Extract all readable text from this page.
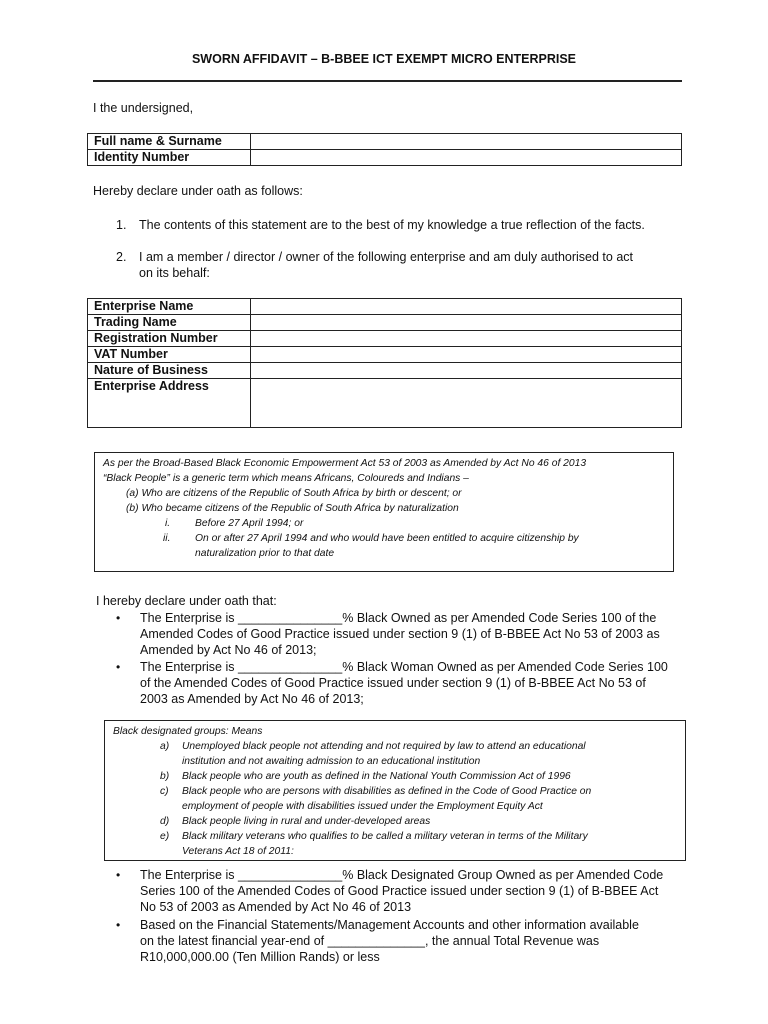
SWORN AFFIDAVIT – B-BBEE ICT EXEMPT MICRO ENTERPRISE
I the undersigned,
Full name & Surname	
Identity Number	
Hereby declare under oath as follows:
1. The contents of this statement are to the best of my knowledge a true reflection of the facts.
2. I am a member / director / owner of the following enterprise and am duly authorised to act
on its behalf:
Enterprise Name	
Trading Name	
Registration Number	
VAT Number	
Nature of Business	
Enterprise Address	
As per the Broad-Based Black Economic Empowerment Act 53 of 2003 as Amended by Act No 46 of 2013
“Black People” is a generic term which means Africans, Coloureds and Indians –
(a) Who are citizens of the Republic of South Africa by birth or descent; or
(b) Who became citizens of the Republic of South Africa by naturalization
i. Before 27 April 1994; or
ii. On or after 27 April 1994 and who would have been entitled to acquire citizenship by
naturalization prior to that date
I hereby declare under oath that:
• The Enterprise is _______________% Black Owned as per Amended Code Series 100 of the
Amended Codes of Good Practice issued under section 9 (1) of B-BBEE Act No 53 of 2003 as
Amended by Act No 46 of 2013;
• The Enterprise is _______________% Black Woman Owned as per Amended Code Series 100
of the Amended Codes of Good Practice issued under section 9 (1) of B-BBEE Act No 53 of
2003 as Amended by Act No 46 of 2013;
Black designated groups: Means
a) Unemployed black people not attending and not required by law to attend an educational
institution and not awaiting admission to an educational institution
b) Black people who are youth as defined in the National Youth Commission Act of 1996
c) Black people who are persons with disabilities as defined in the Code of Good Practice on
employment of people with disabilities issued under the Employment Equity Act
d) Black people living in rural and under-developed areas
e) Black military veterans who qualifies to be called a military veteran in terms of the Military
Veterans Act 18 of 2011:
• The Enterprise is _______________% Black Designated Group Owned as per Amended Code
Series 100 of the Amended Codes of Good Practice issued under section 9 (1) of B-BBEE Act
No 53 of 2003 as Amended by Act No 46 of 2013
• Based on the Financial Statements/Management Accounts and other information available
on the latest financial year-end of ______________, the annual Total Revenue was
R10,000,000.00 (Ten Million Rands) or less
